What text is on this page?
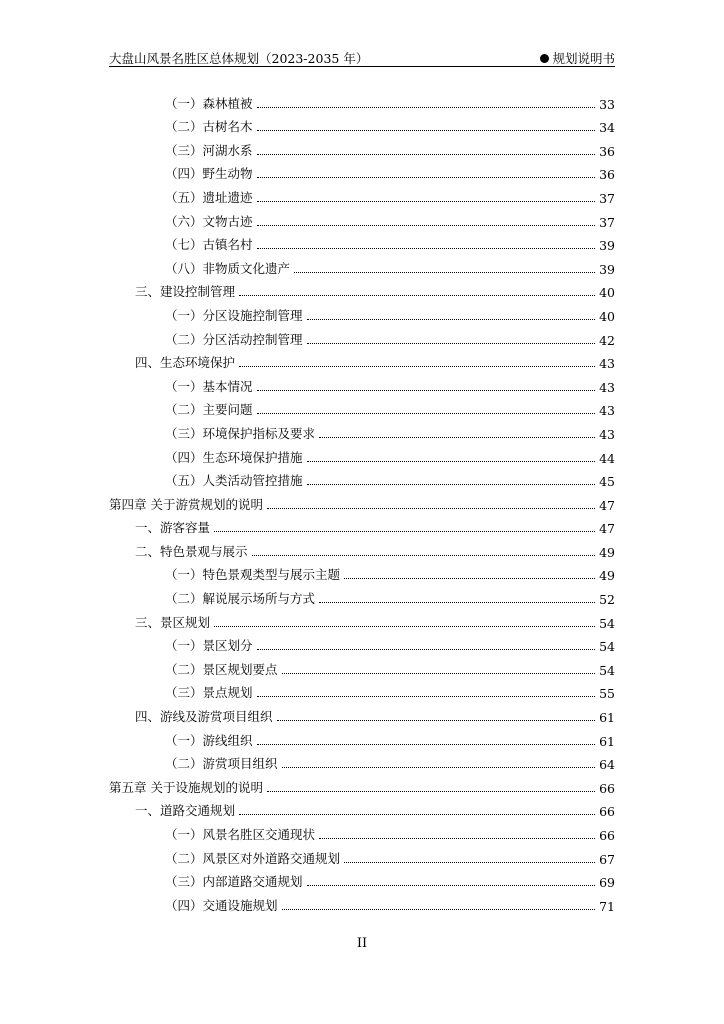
大盘山风景名胜区总体规划（2023-2035 年）	规划说明书
（一）森林植被	33
（二）古树名木	34
（三）河湖水系	36
（四）野生动物	36
（五）遗址遗迹	37
（六）文物古迹	37
（七）古镇名村	39
（八）非物质文化遗产	39
三、建设控制管理	40
（一）分区设施控制管理	40
（二）分区活动控制管理	42
四、生态环境保护	43
（一）基本情况	43
（二）主要问题	43
（三）环境保护指标及要求	43
（四）生态环境保护措施	44
（五）人类活动管控措施	45
第四章 关于游赏规划的说明	47
一、游客容量	47
二、特色景观与展示	49
（一）特色景观类型与展示主题	49
（二）解说展示场所与方式	52
三、景区规划	54
（一）景区划分	54
（二）景区规划要点	54
（三）景点规划	55
四、游线及游赏项目组织	61
（一）游线组织	61
（二）游赏项目组织	64
第五章 关于设施规划的说明	66
一、道路交通规划	66
（一）风景名胜区交通现状	66
（二）风景区对外道路交通规划	67
（三）内部道路交通规划	69
（四）交通设施规划	71
II
